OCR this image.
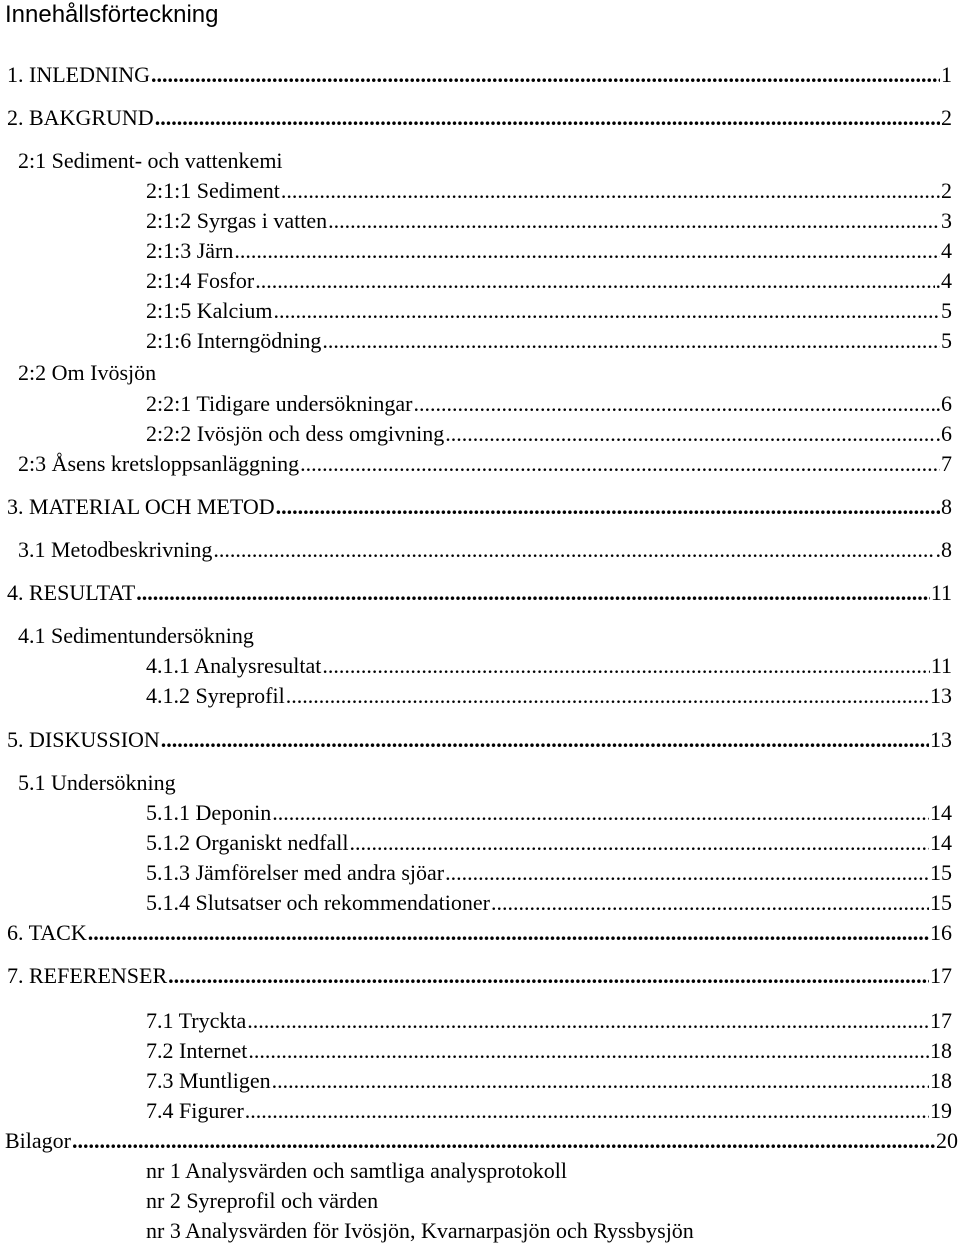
Innehållsförteckning
1. INLEDNING .....	1
2. BAKGRUND .....	2
2:1 Sediment- och vattenkemi
2:1:1 Sediment .....	.2
2:1:2 Syrgas i vatten .....	3
2:1:3 Järn .....	4
2:1:4 Fosfor .....	.4
2:1:5 Kalcium .....	5
2:1:6 Interngödning .....	5
2:2 Om Ivösjön
2:2:1 Tidigare undersökningar .....	.6
2:2:2 Ivösjön och dess omgivning .....	.6
2:3 Åsens kretsloppsanläggning .....	7
3. MATERIAL OCH METOD .....	8
3.1 Metodbeskrivning .....	.8
4. RESULTAT .....	11
4.1 Sedimentundersökning
4.1.1 Analysresultat .....	11
4.1.2 Syreprofil .....	13
5. DISKUSSION .....	13
5.1 Undersökning
5.1.1 Deponin .....	14
5.1.2 Organiskt nedfall .....	14
5.1.3 Jämförelser med andra sjöar .....	15
5.1.4 Slutsatser och rekommendationer .....	15
6. TACK .....	16
7. REFERENSER .....	17
7.1 Tryckta .....	17
7.2 Internet .....	18
7.3 Muntligen .....	18
7.4 Figurer .....	19
Bilagor .....	20
nr 1 Analysvärden och samtliga analysprotokoll
nr 2 Syreprofil och värden
nr 3 Analysvärden för Ivösjön, Kvarnarpasjön och Ryssbysjön
